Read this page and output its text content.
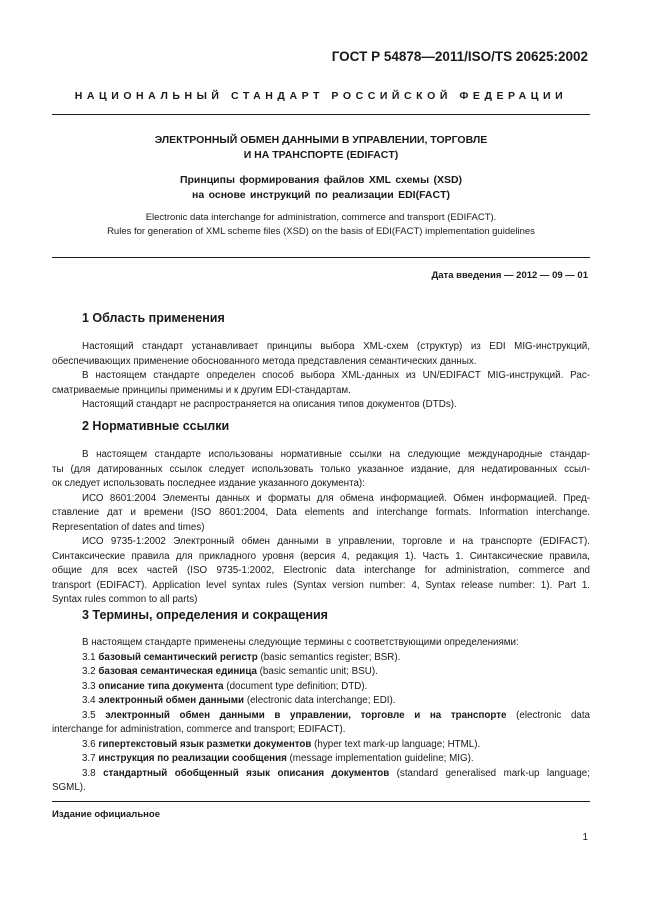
ГОСТ Р 54878—2011/ISO/TS 20625:2002
НАЦИОНАЛЬНЫЙ СТАНДАРТ РОССИЙСКОЙ ФЕДЕРАЦИИ
ЭЛЕКТРОННЫЙ ОБМЕН ДАННЫМИ В УПРАВЛЕНИИ, ТОРГОВЛЕ
И НА ТРАНСПОРТЕ (EDIFACT)
Принципы формирования файлов XML схемы (XSD)
на основе инструкций по реализации EDI(FACT)
Electronic data interchange for administration, commerce and transport (EDIFACT).
Rules for generation of XML scheme files (XSD) on the basis of EDI(FACT) implementation guidelines
Дата введения — 2012 — 09 — 01
1 Область применения
Настоящий стандарт устанавливает принципы выбора XML-схем (структур) из EDI MIG-инструкций,
обеспечивающих применение обоснованного метода представления семантических данных.
В настоящем стандарте определен способ выбора XML-данных из UN/EDIFACT MIG-инструкций. Рас-
сматриваемые принципы применимы и к другим EDI-стандартам.
Настоящий стандарт не распространяется на описания типов документов (DTDs).
2 Нормативные ссылки
В настоящем стандарте использованы нормативные ссылки на следующие международные стандар-
ты (для датированных ссылок следует использовать только указанное издание, для недатированных ссыл-
ок следует использовать последнее издание указанного документа):
ИСО 8601:2004 Элементы данных и форматы для обмена информацией. Обмен информацией. Пред-
ставление дат и времени (ISO 8601:2004, Data elements and interchange formats. Information interchange.
Representation of dates and times)
ИСО 9735-1:2002 Электронный обмен данными в управлении, торговле и на транспорте (EDIFACT).
Синтаксические правила для прикладного уровня (версия 4, редакция 1). Часть 1. Синтаксические правила,
общие для всех частей (ISO 9735-1:2002, Electronic data interchange for administration, commerce and
transport (EDIFACT). Application level syntax rules (Syntax version number: 4, Syntax release number: 1). Part 1.
Syntax rules common to all parts)
3 Термины, определения и сокращения
В настоящем стандарте применены следующие термины с соответствующими определениями:
3.1 базовый семантический регистр (basic semantics register; BSR).
3.2 базовая семантическая единица (basic semantic unit; BSU).
3.3 описание типа документа (document type definition; DTD).
3.4 электронный обмен данными (electronic data interchange; EDI).
3.5 электронный обмен данными в управлении, торговле и на транспорте (electronic data
interchange for administration, commerce and transport; EDIFACT).
3.6 гипертекстовый язык разметки документов (hyper text mark-up language; HTML).
3.7 инструкция по реализации сообщения (message implementation guideline; MIG).
3.8 стандартный обобщенный язык описания документов (standard generalised mark-up language;
SGML).
Издание официальное
1
